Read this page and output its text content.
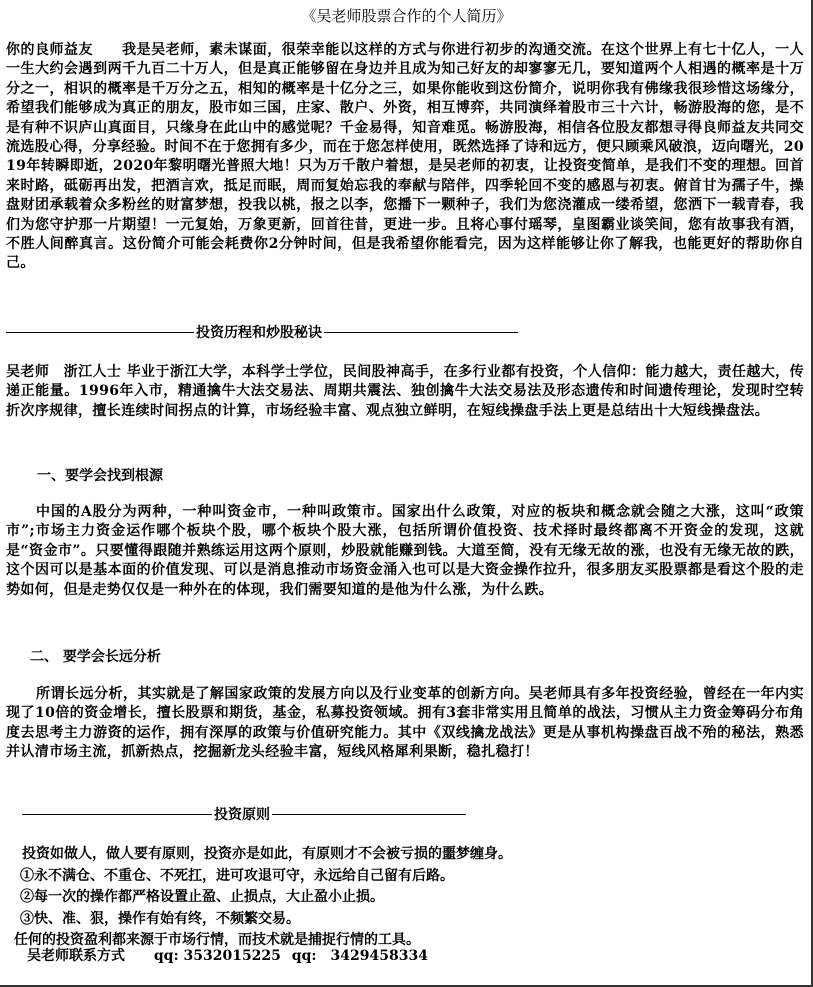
《吴老师股票合作的个人简历》

你的良师益友　　我是吴老师，素未谋面，很荣幸能以这样的方式与你进行初步的沟通交流。在这个世界上有七十亿人，一人一生大约会遇到两千九百二十万人，但是真正能够留在身边并且成为知己好友的却寥寥无几，要知道两个人相遇的概率是十万分之一，相识的概率是千万分之五，相知的概率是十亿分之三，如果你能收到这份简介，说明你我有佛缘我很珍惜这场缘分，希望我们能够成为真正的朋友，股市如三国，庄家、散户、外资，相互博弈，共同演绎着股市三十六计，畅游股海的您，是不是有种不识庐山真面目，只缘身在此山中的感觉呢？千金易得，知音难觅。畅游股海，相信各位股友都想寻得良师益友共同交流选股心得，分享经验。时间不在于您拥有多少，而在于您怎样使用，既然选择了诗和远方，便只顾乘风破浪，迈向曙光，2019年转瞬即逝，2020年黎明曙光普照大地！只为万千散户着想，是吴老师的初衷，让投资变简单，是我们不变的理想。回首来时路，砥砺再出发，把酒言欢，抵足而眠，周而复始忘我的奉献与陪伴，四季轮回不变的感恩与初衷。俯首甘为孺子牛，操盘财团承载着众多粉丝的财富梦想，投我以桃，报之以李，您播下一颗种子，我们为您浇灌成一缕希望，您洒下一载青春，我们为您守护那一片期望！一元复始，万象更新，回首往昔，更进一步。且将心事付瑶琴，皇图霸业谈笑间，您有故事我有酒，不胜人间醉真言。这份简介可能会耗费你2分钟时间，但是我希望你能看完，因为这样能够让你了解我，也能更好的帮助你自己。

投资历程和炒股秘诀

吴老师　浙江人士 毕业于浙江大学，本科学士学位，民间股神高手，在多行业都有投资，个人信仰：能力越大，责任越大，传递正能量。1996年入市，精通擒牛大法交易法、周期共震法、独创擒牛大法交易法及形态遗传和时间遗传理论，发现时空转折次序规律，擅长连续时间拐点的计算，市场经验丰富、观点独立鲜明，在短线操盘手法上更是总结出十大短线操盘法。

一、要学会找到根源

中国的A股分为两种，一种叫资金市，一种叫政策市。国家出什么政策，对应的板块和概念就会随之大涨，这叫“政策市”;市场主力资金运作哪个板块个股，哪个板块个股大涨，包括所谓价值投资、技术择时最终都离不开资金的发现，这就是“资金市”。只要懂得跟随并熟练运用这两个原则，炒股就能赚到钱。大道至简，没有无缘无故的涨，也没有无缘无故的跌，这个因可以是基本面的价值发现、可以是消息推动市场资金涌入也可以是大资金操作拉升，很多朋友买股票都是看这个股的走势如何，但是走势仅仅是一种外在的体现，我们需要知道的是他为什么涨，为什么跌。

二、 要学会长远分析

所谓长远分析，其实就是了解国家政策的发展方向以及行业变革的创新方向。吴老师具有多年投资经验，曾经在一年内实现了10倍的资金增长，擅长股票和期货，基金，私募投资领域。拥有3套非常实用且简单的战法，习惯从主力资金筹码分布角度去思考主力游资的运作，拥有深厚的政策与价值研究能力。其中《双线擒龙战法》更是从事机构操盘百战不殆的秘法，熟悉并认清市场主流，抓新热点，挖掘新龙头经验丰富，短线风格犀利果断，稳扎稳打！

投资原则
投资如做人，做人要有原则，投资亦是如此，有原则才不会被亏损的噩梦缠身。
①永不满仓、不重仓、不死扛，进可攻退可守，永远给自己留有后路。
②每一次的操作都严格设置止盈、止损点，大止盈小止损。
③快、准、狠，操作有始有终，不频繁交易。
任何的投资盈利都来源于市场行情，而技术就是捕捉行情的工具。
吴老师联系方式 qq: 3532015225 qq:　3429458334
